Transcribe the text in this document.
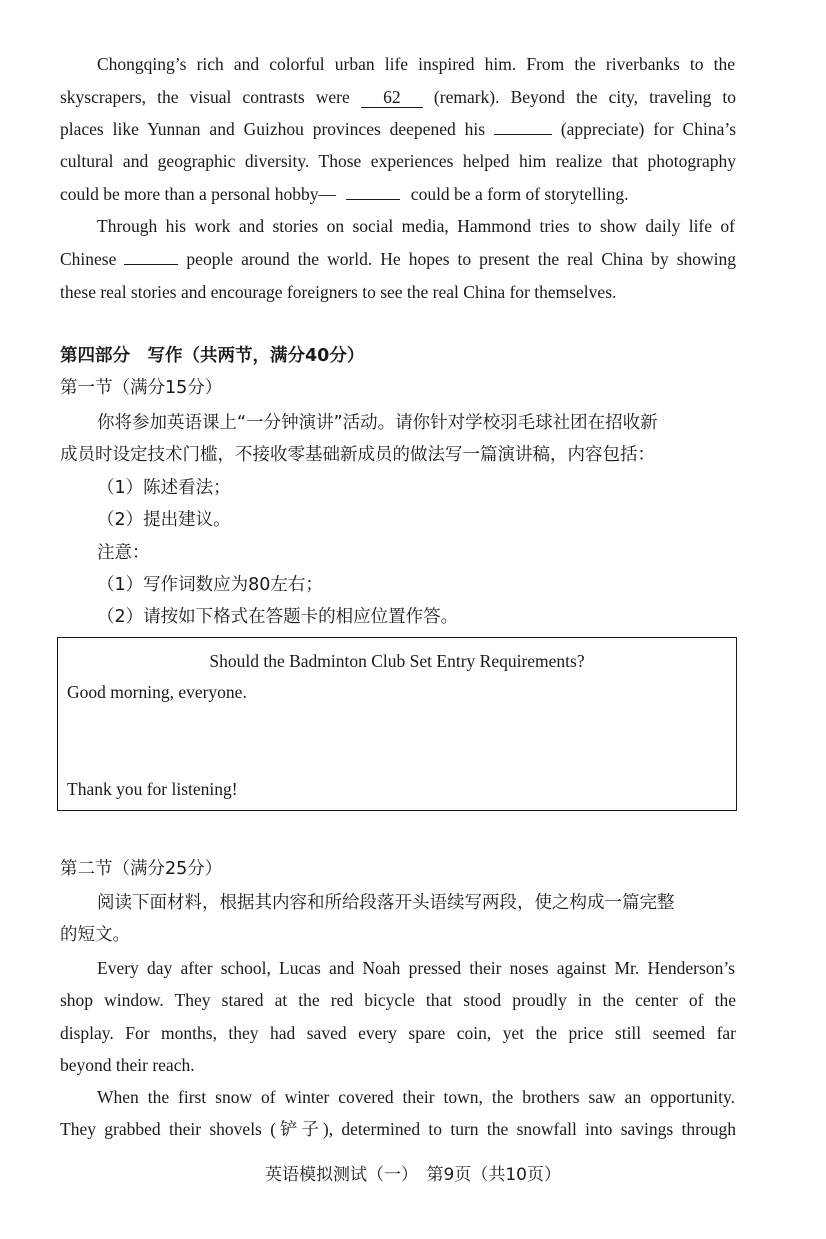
Chongqing’s rich and colorful urban life inspired him. From the riverbanks to the
skyscrapers, the visual contrasts were 62 (remark). Beyond the city, traveling to
places like Yunnan and Guizhou provinces deepened his	(appreciate) for China’s
cultural and geographic diversity. Those experiences helped him realize that photography
could be more than a personal hobby—	could be a form of storytelling.
Through his work and stories on social media, Hammond tries to show daily life of
Chinese	people around the world. He hopes to present the real China by showing
these real stories and encourage foreigners to see the real China for themselves.
第四部分　写作（共两节，满分40分）
第一节（满分15分）
你将参加英语课上“一分钟演讲”活动。请你针对学校羽毛球社团在招收新
成员时设定技术门槛，不接收零基础新成员的做法写一篇演讲稿，内容包括：
（1）陈述看法；
（2）提出建议。
注意：
（1）写作词数应为80左右；
（2）请按如下格式在答题卡的相应位置作答。
Should the Badminton Club Set Entry Requirements?
Good morning, everyone.
Thank you for listening!
第二节（满分25分）
阅读下面材料，根据其内容和所给段落开头语续写两段，使之构成一篇完整
的短文。
Every day after school, Lucas and Noah pressed their noses against Mr. Henderson’s
shop window. They stared at the red bicycle that stood proudly in the center of the
display. For months, they had saved every spare coin, yet the price still seemed far
beyond their reach.
When the first snow of winter covered their town, the brothers saw an opportunity.
They grabbed their shovels (铲子), determined to turn the snowfall into savings through
英语模拟测试（一）　第9页（共10页）
